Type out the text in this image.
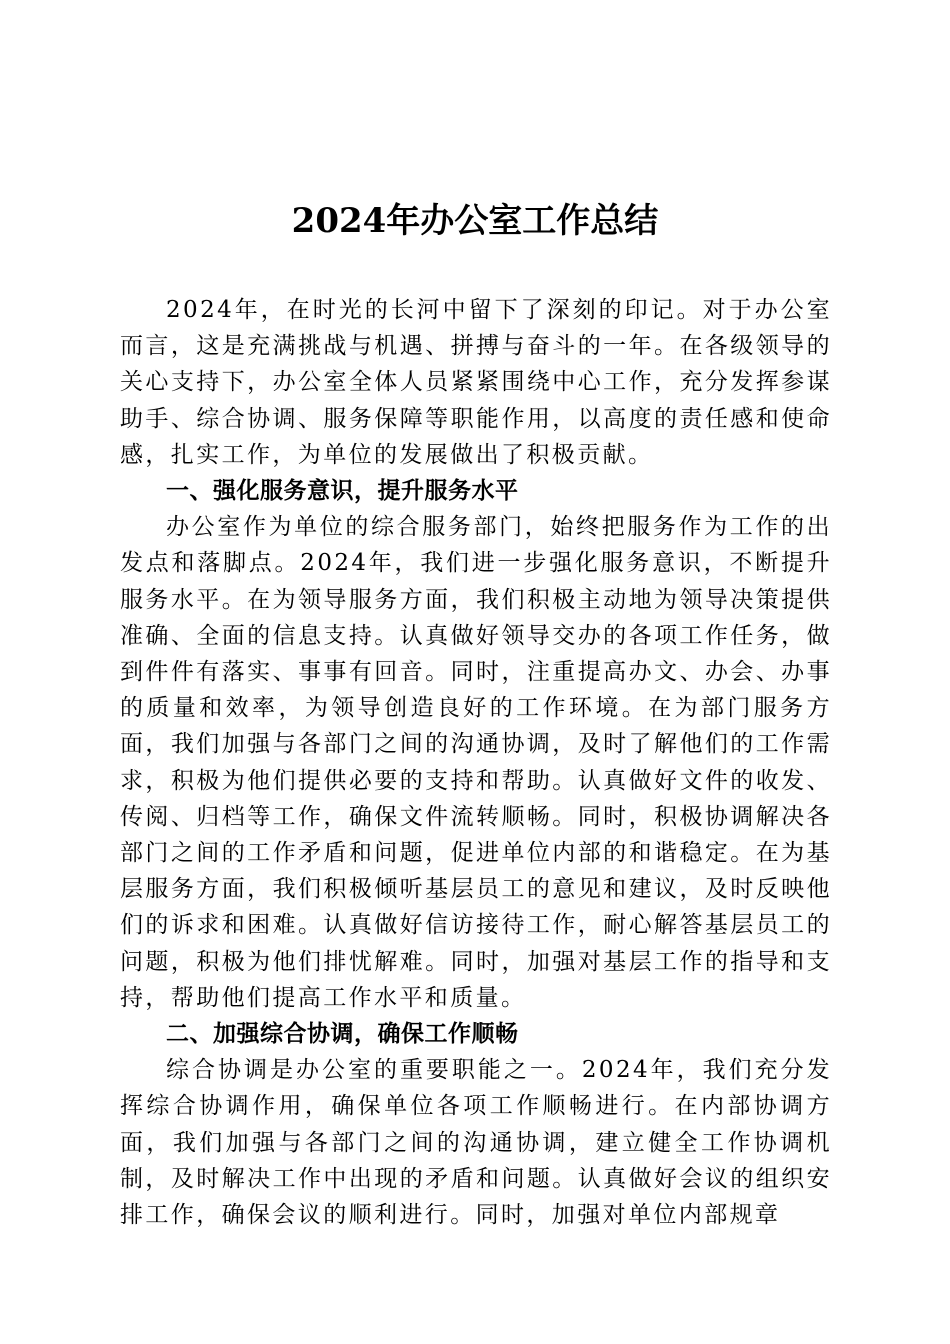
2024年办公室工作总结

2024年，在时光的长河中留下了深刻的印记。对于办公室而言，这是充满挑战与机遇、拼搏与奋斗的一年。在各级领导的关心支持下，办公室全体人员紧紧围绕中心工作，充分发挥参谋助手、综合协调、服务保障等职能作用，以高度的责任感和使命感，扎实工作，为单位的发展做出了积极贡献。

一、强化服务意识，提升服务水平

办公室作为单位的综合服务部门，始终把服务作为工作的出发点和落脚点。2024年，我们进一步强化服务意识，不断提升服务水平。在为领导服务方面，我们积极主动地为领导决策提供准确、全面的信息支持。认真做好领导交办的各项工作任务，做到件件有落实、事事有回音。同时，注重提高办文、办会、办事的质量和效率，为领导创造良好的工作环境。在为部门服务方面，我们加强与各部门之间的沟通协调，及时了解他们的工作需求，积极为他们提供必要的支持和帮助。认真做好文件的收发、传阅、归档等工作，确保文件流转顺畅。同时，积极协调解决各部门之间的工作矛盾和问题，促进单位内部的和谐稳定。在为基层服务方面，我们积极倾听基层员工的意见和建议，及时反映他们的诉求和困难。认真做好信访接待工作，耐心解答基层员工的问题，积极为他们排忧解难。同时，加强对基层工作的指导和支持，帮助他们提高工作水平和质量。

二、加强综合协调，确保工作顺畅

综合协调是办公室的重要职能之一。2024年，我们充分发挥综合协调作用，确保单位各项工作顺畅进行。在内部协调方面，我们加强与各部门之间的沟通协调，建立健全工作协调机制，及时解决工作中出现的矛盾和问题。认真做好会议的组织安排工作，确保会议的顺利进行。同时，加强对单位内部规章
